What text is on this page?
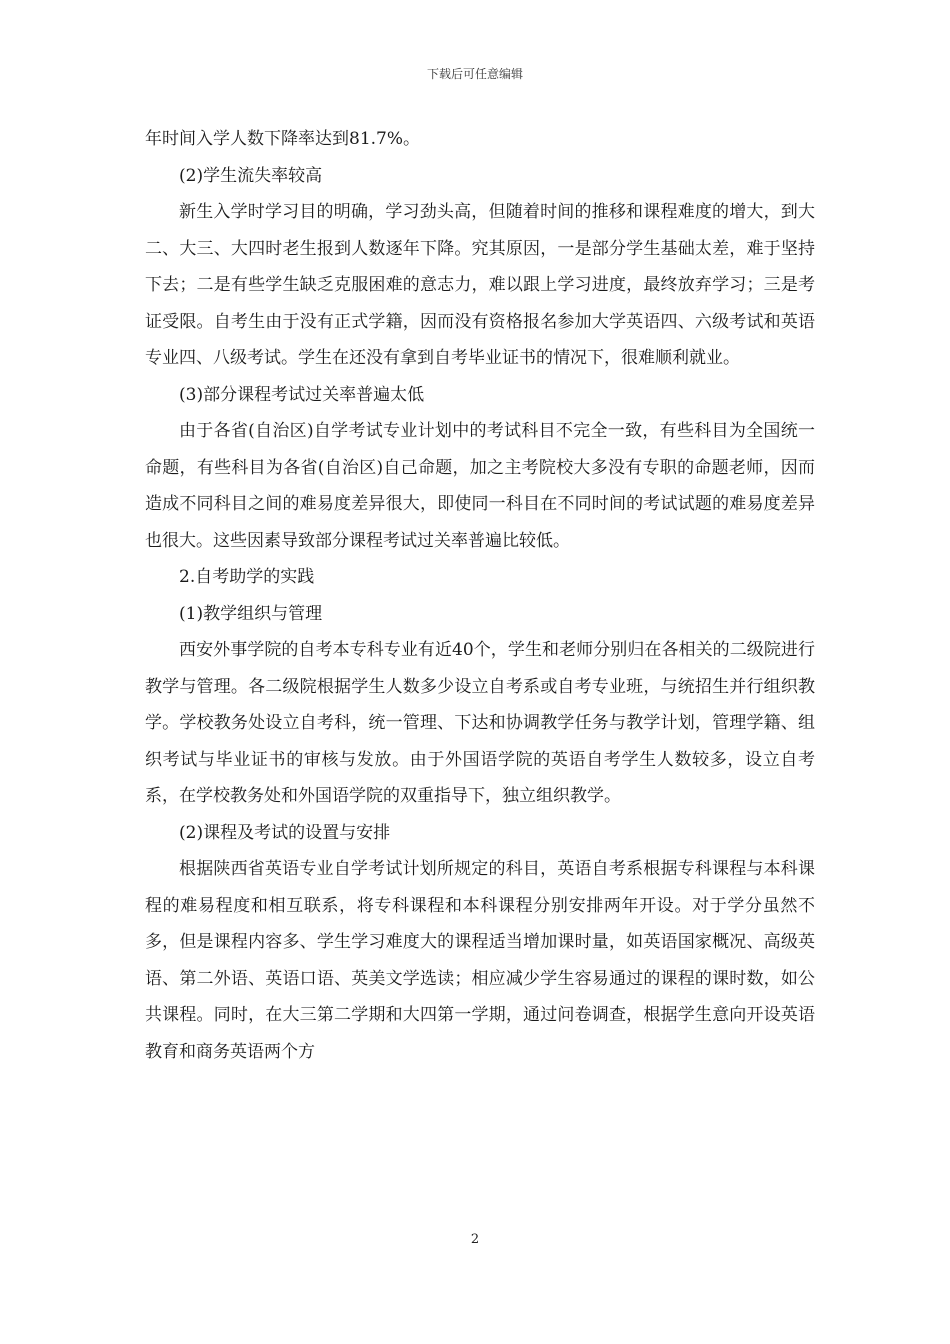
下载后可任意编辑

年时间入学人数下降率达到81.7%。

(2)学生流失率较高

新生入学时学习目的明确，学习劲头高，但随着时间的推移和课程难度的增大，到大二、大三、大四时老生报到人数逐年下降。究其原因，一是部分学生基础太差，难于坚持下去；二是有些学生缺乏克服困难的意志力，难以跟上学习进度，最终放弃学习；三是考证受限。自考生由于没有正式学籍，因而没有资格报名参加大学英语四、六级考试和英语专业四、八级考试。学生在还没有拿到自考毕业证书的情况下，很难顺利就业。

(3)部分课程考试过关率普遍太低

由于各省(自治区)自学考试专业计划中的考试科目不完全一致，有些科目为全国统一命题，有些科目为各省(自治区)自己命题，加之主考院校大多没有专职的命题老师，因而造成不同科目之间的难易度差异很大，即使同一科目在不同时间的考试试题的难易度差异也很大。这些因素导致部分课程考试过关率普遍比较低。

2.自考助学的实践

(1)教学组织与管理

西安外事学院的自考本专科专业有近40个，学生和老师分别归在各相关的二级院进行教学与管理。各二级院根据学生人数多少设立自考系或自考专业班，与统招生并行组织教学。学校教务处设立自考科，统一管理、下达和协调教学任务与教学计划，管理学籍、组织考试与毕业证书的审核与发放。由于外国语学院的英语自考学生人数较多，设立自考系，在学校教务处和外国语学院的双重指导下，独立组织教学。

(2)课程及考试的设置与安排

根据陕西省英语专业自学考试计划所规定的科目，英语自考系根据专科课程与本科课程的难易程度和相互联系，将专科课程和本科课程分别安排两年开设。对于学分虽然不多，但是课程内容多、学生学习难度大的课程适当增加课时量，如英语国家概况、高级英语、第二外语、英语口语、英美文学选读；相应减少学生容易通过的课程的课时数，如公共课程。同时，在大三第二学期和大四第一学期，通过问卷调查，根据学生意向开设英语教育和商务英语两个方

2
